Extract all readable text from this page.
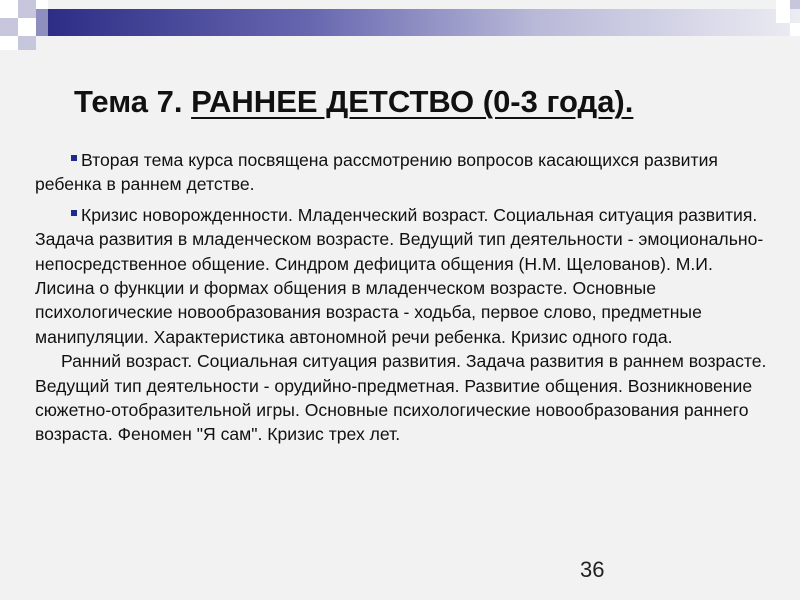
Тема 7. РАННЕЕ ДЕТСТВО (0-3 года).

Вторая тема курса посвящена рассмотрению вопросов касающихся развития ребенка в раннем детстве.

Кризис новорожденности. Младенческий возраст. Социальная ситуация развития. Задача развития в младенческом возрасте. Ведущий тип деятельности - эмоционально-непосредственное общение. Синдром дефицита общения (Н.М. Щелованов). М.И. Лисина о функции и формах общения в младенческом возрасте. Основные психологические новообразования возраста - ходьба, первое слово, предметные манипуляции. Характеристика автономной речи ребенка. Кризис одного года.

Ранний возраст. Социальная ситуация развития. Задача развития в раннем возрасте. Ведущий тип деятельности - орудийно-предметная. Развитие общения. Возникновение сюжетно-отобразительной игры. Основные психологические новообразования раннего возраста. Феномен "Я сам". Кризис трех лет.

36
